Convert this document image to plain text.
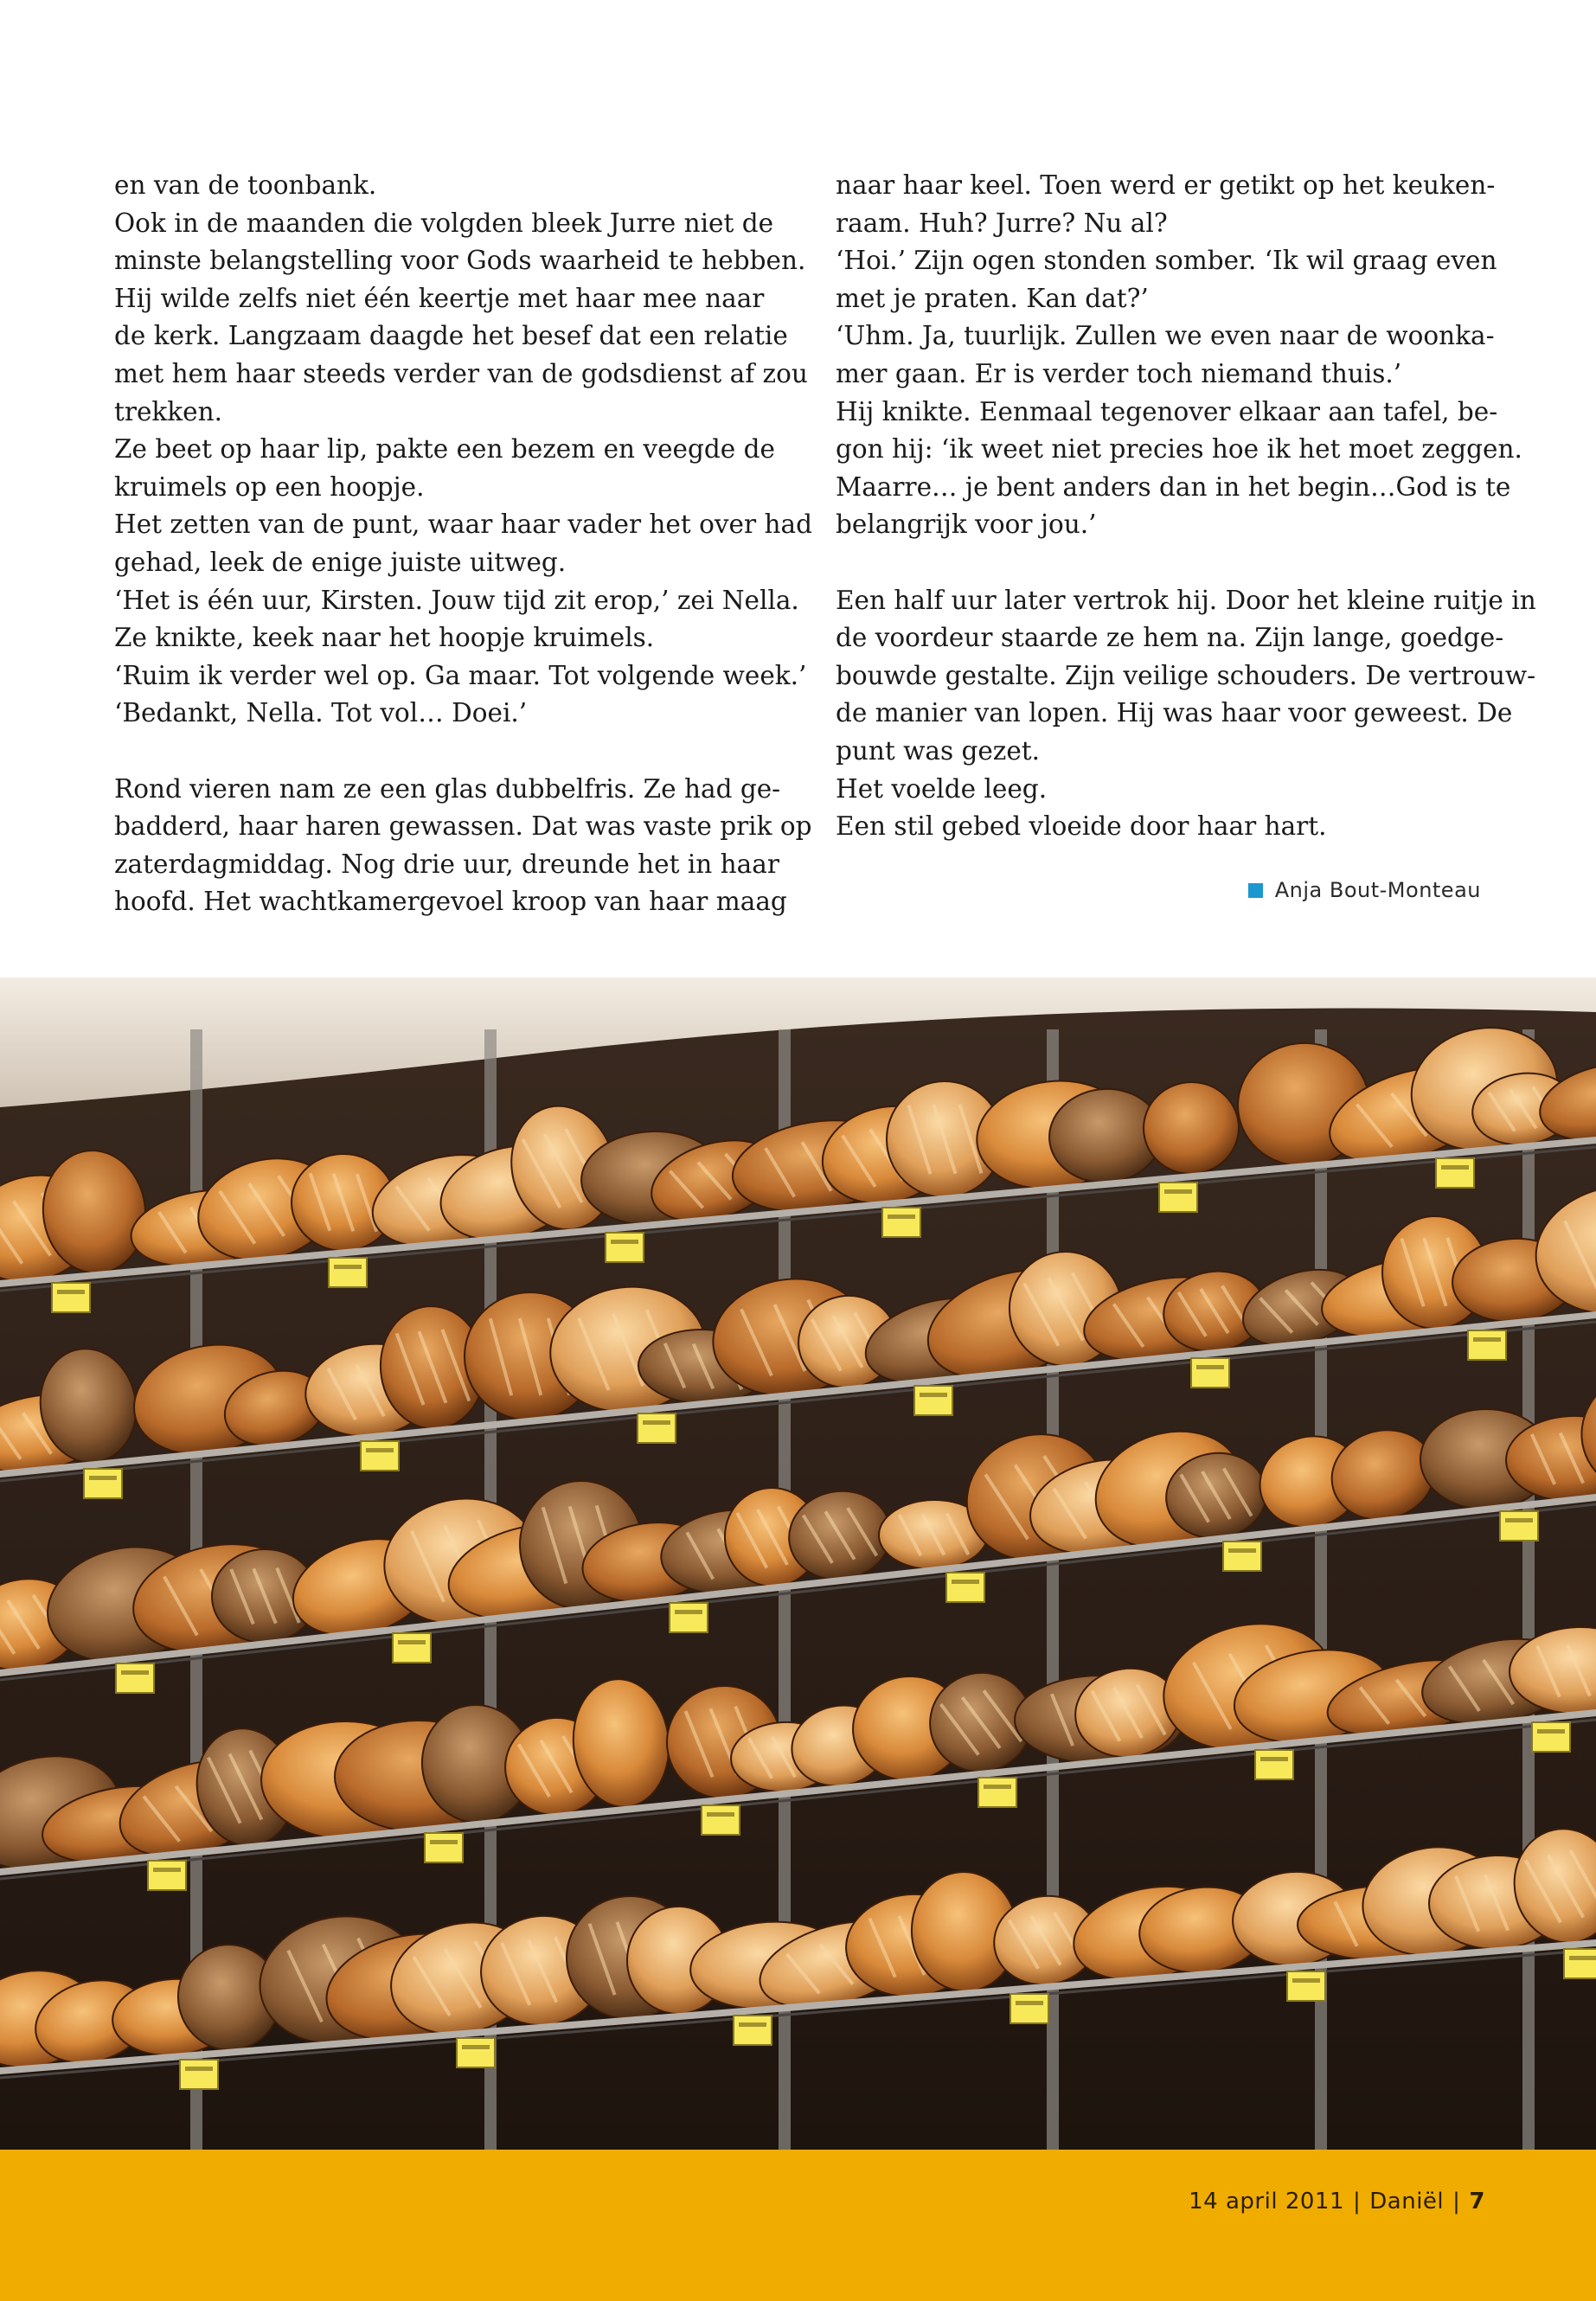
en van de toonbank.

Ook in de maanden die volgden bleek Jurre niet de

minste belangstelling voor Gods waarheid te hebben.

Hij wilde zelfs niet één keertje met haar mee naar

de kerk. Langzaam daagde het besef dat een relatie

met hem haar steeds verder van de godsdienst af zou

trekken.

Ze beet op haar lip, pakte een bezem en veegde de

kruimels op een hoopje.

Het zetten van de punt, waar haar vader het over had

gehad, leek de enige juiste uitweg.

‘Het is één uur, Kirsten. Jouw tijd zit erop,’ zei Nella.

Ze knikte, keek naar het hoopje kruimels.

‘Ruim ik verder wel op. Ga maar. Tot volgende week.’

‘Bedankt, Nella. Tot vol… Doei.’

Rond vieren nam ze een glas dubbelfris. Ze had ge-

badderd, haar haren gewassen. Dat was vaste prik op

zaterdagmiddag. Nog drie uur, dreunde het in haar

hoofd. Het wachtkamergevoel kroop van haar maag

naar haar keel. Toen werd er getikt op het keuken-

raam. Huh? Jurre? Nu al?

‘Hoi.’ Zijn ogen stonden somber. ‘Ik wil graag even

met je praten. Kan dat?’

‘Uhm. Ja, tuurlijk. Zullen we even naar de woonka-

mer gaan. Er is verder toch niemand thuis.’

Hij knikte. Eenmaal tegenover elkaar aan tafel, be-

gon hij: ‘ik weet niet precies hoe ik het moet zeggen.

Maarre… je bent anders dan in het begin…God is te

belangrijk voor jou.’

Een half uur later vertrok hij. Door het kleine ruitje in

de voordeur staarde ze hem na. Zijn lange, goedge-

bouwde gestalte. Zijn veilige schouders. De vertrouw-

de manier van lopen. Hij was haar voor geweest. De

punt was gezet.

Het voelde leeg.

Een stil gebed vloeide door haar hart.

Anja Bout-Monteau
14 april 2011 | Daniël | 7
